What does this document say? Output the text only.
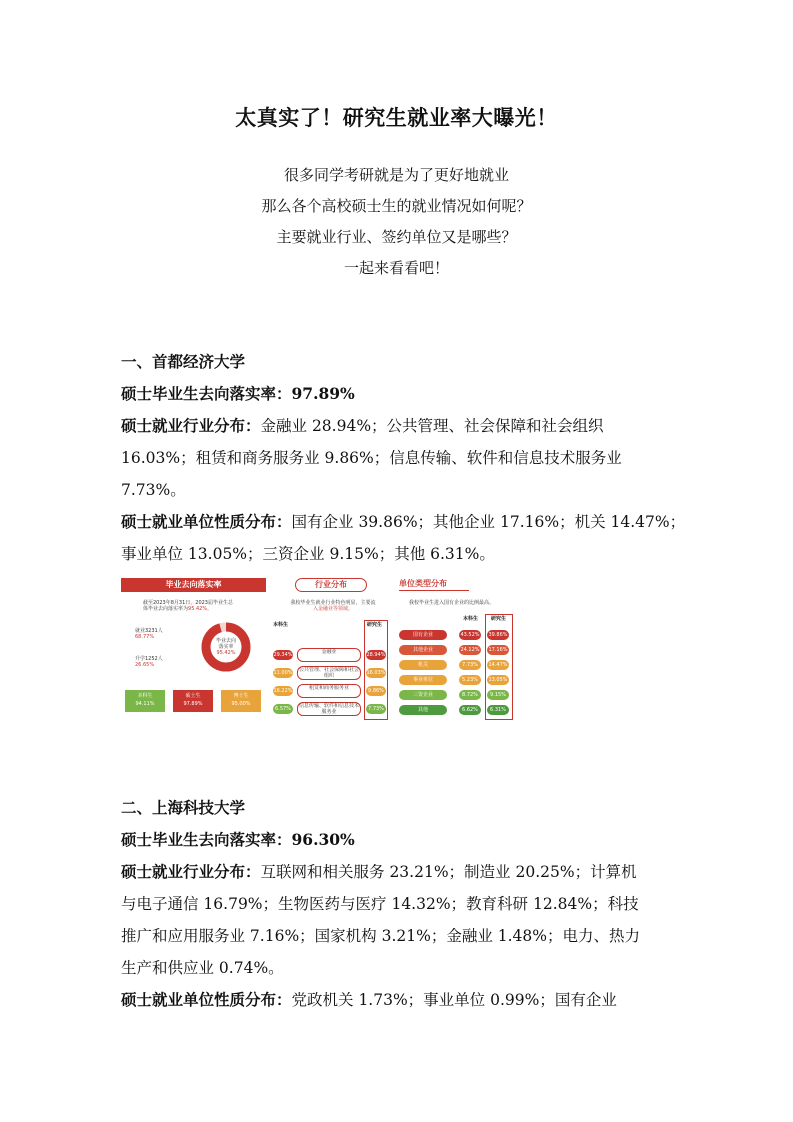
太真实了！研究生就业率大曝光！
很多同学考研就是为了更好地就业
那么各个高校硕士生的就业情况如何呢？
主要就业行业、签约单位又是哪些？
一起来看看吧！
一、首都经济大学
硕士毕业生去向落实率：97.89%
硕士就业行业分布：金融业 28.94%；公共管理、社会保障和社会组织
16.03%；租赁和商务服务业 9.86%；信息传输、软件和信息技术服务业
7.73%。
硕士就业单位性质分布：国有企业 39.86%；其他企业 17.16%；机关 14.47%；
事业单位 13.05%；三资企业 9.15%；其他 6.31%。
毕业去向落实率
截至2023年8月31日，2023届毕业生总
体毕业去向落实率为95.42%。
就业3231人
68.77%
升学1252人
26.65%
毕业去向
落实率
95.42%
本科生
94.11%
硕士生
97.89%
博士生
95.00%
行业分布
我校毕业生就业行业特色明显，主要流
入金融业等领域。
本科生	研究生
29.34%	金融业	28.94%
11.00%	公共管理、社会保障和社会组织	16.03%
16.22%	租赁和商务服务业	9.86%
6.57%	信息传输、软件和信息技术服务业	7.73%
单位类型分布
我校毕业生进入国有企业的比例最高。
本科生	研究生
国有企业	43.52% 39.86%
其他企业	24.12% 17.16%
机关	7.73%	14.47%
事业单位	5.23%	13.05%
三资企业	8.72%	9.15%
其他	6.62%	6.31%
二、上海科技大学
硕士毕业生去向落实率：96.30%
硕士就业行业分布：互联网和相关服务 23.21%；制造业 20.25%；计算机
与电子通信 16.79%；生物医药与医疗 14.32%；教育科研 12.84%；科技
推广和应用服务业 7.16%；国家机构 3.21%；金融业 1.48%；电力、热力
生产和供应业 0.74%。
硕士就业单位性质分布：党政机关 1.73%；事业单位 0.99%；国有企业
